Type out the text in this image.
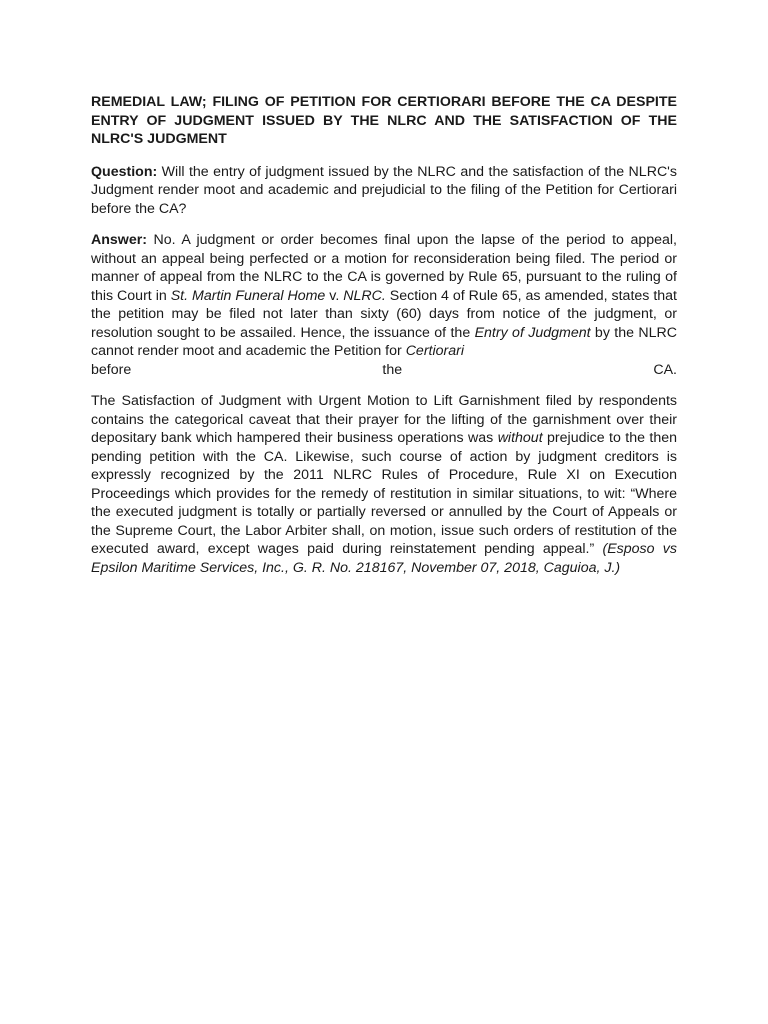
REMEDIAL LAW; FILING OF PETITION FOR CERTIORARI BEFORE THE CA DESPITE ENTRY OF JUDGMENT ISSUED BY THE NLRC AND THE SATISFACTION OF THE NLRC'S JUDGMENT
Question: Will the entry of judgment issued by the NLRC and the satisfaction of the NLRC's Judgment render moot and academic and prejudicial to the filing of the Petition for Certiorari before the CA?
Answer: No. A judgment or order becomes final upon the lapse of the period to appeal, without an appeal being perfected or a motion for reconsideration being filed. The period or manner of appeal from the NLRC to the CA is governed by Rule 65, pursuant to the ruling of this Court in St. Martin Funeral Home v. NLRC. Section 4 of Rule 65, as amended, states that the petition may be filed not later than sixty (60) days from notice of the judgment, or resolution sought to be assailed. Hence, the issuance of the Entry of Judgment by the NLRC cannot render moot and academic the Petition for Certiorari
before	the	CA.
The Satisfaction of Judgment with Urgent Motion to Lift Garnishment filed by respondents contains the categorical caveat that their prayer for the lifting of the garnishment over their depositary bank which hampered their business operations was without prejudice to the then pending petition with the CA. Likewise, such course of action by judgment creditors is expressly recognized by the 2011 NLRC Rules of Procedure, Rule XI on Execution Proceedings which provides for the remedy of restitution in similar situations, to wit: “Where the executed judgment is totally or partially reversed or annulled by the Court of Appeals or the Supreme Court, the Labor Arbiter shall, on motion, issue such orders of restitution of the executed award, except wages paid during reinstatement pending appeal.” (Esposo vs Epsilon Maritime Services, Inc., G. R. No. 218167, November 07, 2018, Caguioa, J.)
